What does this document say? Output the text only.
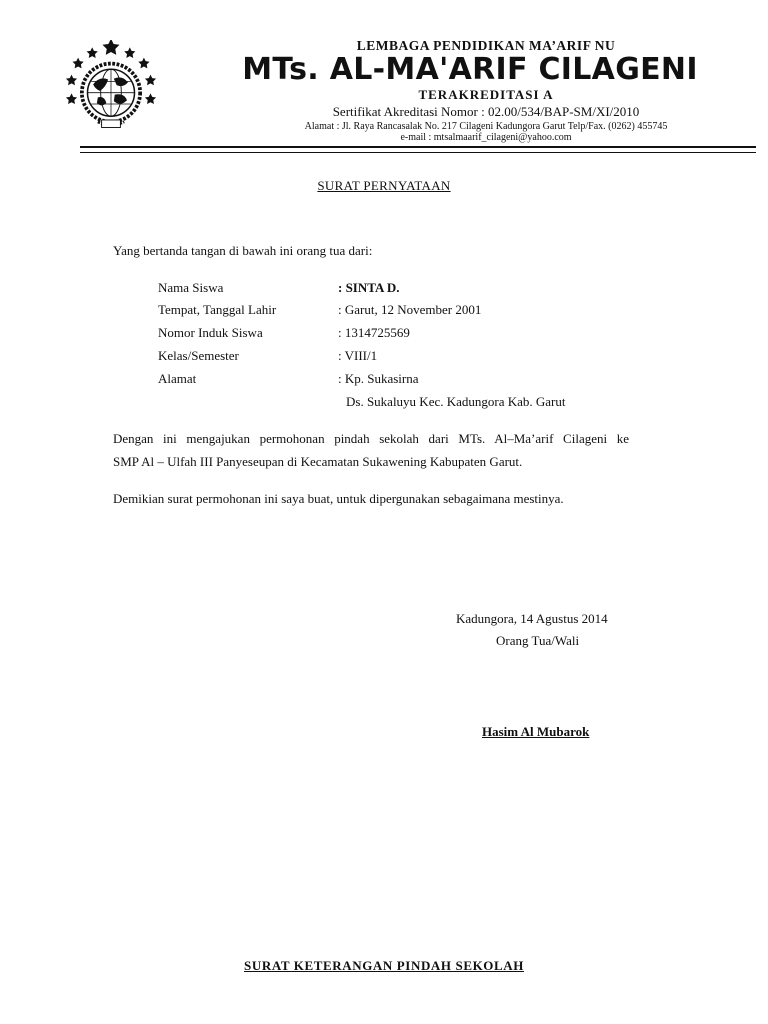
LEMBAGA PENDIDIKAN MA’ARIF NU
MTs. AL-MA'ARIF CILAGENI
TERAKREDITASI A
Sertifikat Akreditasi Nomor : 02.00/534/BAP-SM/XI/2010
Alamat : Jl. Raya Rancasalak No. 217 Cilageni Kadungora Garut Telp/Fax. (0262) 455745
e-mail : mtsalmaarif_cilageni@yahoo.com
SURAT PERNYATAAN
Yang bertanda tangan di bawah ini orang tua dari:
Nama Siswa	: SINTA D.
Tempat, Tanggal Lahir	: Garut, 12 November 2001
Nomor Induk Siswa	: 1314725569
Kelas/Semester	: VIII/1
Alamat	: Kp. Sukasirna
Ds. Sukaluyu Kec. Kadungora Kab. Garut
Dengan ini mengajukan permohonan pindah sekolah dari MTs. Al–Ma’arif Cilageni ke
SMP Al – Ulfah III Panyeseupan di Kecamatan Sukawening Kabupaten Garut.
Demikian surat permohonan ini saya buat, untuk dipergunakan sebagaimana mestinya.
Kadungora, 14 Agustus 2014
Orang Tua/Wali
Hasim Al Mubarok
SURAT KETERANGAN PINDAH SEKOLAH
